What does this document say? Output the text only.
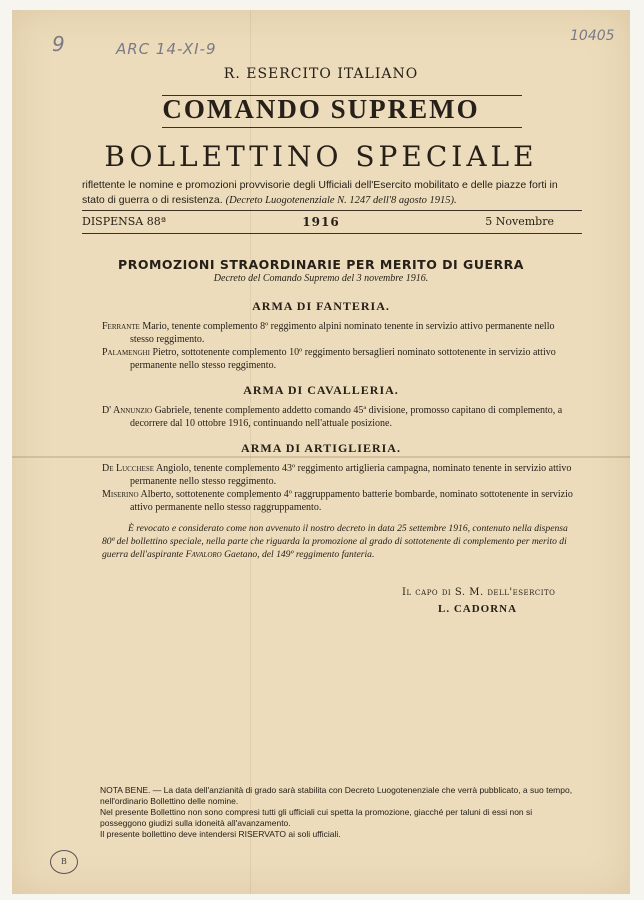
9	ARC 14-XI-9
10405
R. ESERCITO ITALIANO
COMANDO SUPREMO
BOLLETTINO SPECIALE
riflettente le nomine e promozioni provvisorie degli Ufficiali dell'Esercito mobilitato e delle piazze forti in stato di guerra o di resistenza. (Decreto Luogotenenziale N. 1247 dell'8 agosto 1915).
DISPENSA 88ª	1916	5 Novembre
PROMOZIONI STRAORDINARIE PER MERITO DI GUERRA
Decreto del Comando Supremo del 3 novembre 1916.
ARMA DI FANTERIA.
Ferrante Mario, tenente complemento 8º reggimento alpini nominato tenente in servizio attivo permanente nello
stesso reggimento.
Palamenghi Pietro, sottotenente complemento 10º reggimento bersaglieri nominato sottotenente in servizio attivo
permanente nello stesso reggimento.
ARMA DI CAVALLERIA.
D' Annunzio Gabriele, tenente complemento addetto comando 45ª divisione, promosso capitano di complemento, a
decorrere dal 10 ottobre 1916, continuando nell'attuale posizione.
ARMA DI ARTIGLIERIA.
De Lucchese Angiolo, tenente complemento 43º reggimento artiglieria campagna, nominato tenente in servizio attivo
permanente nello stesso reggimento.
Miserino Alberto, sottotenente complemento 4º raggruppamento batterie bombarde, nominato sottotenente in servizio
attivo permanente nello stesso raggruppamento.
È revocato e considerato come non avvenuto il nostro decreto in data 25 settembre 1916, contenuto nella dispensa 80ª del bollettino speciale, nella parte che riguarda la promozione al grado di sottotenente di complemento per merito di guerra dell'aspirante Favaloro Gaetano, del 149º reggimento fanteria.
Il capo di S. M. dell'esercito
L. CADORNA

NOTA BENE. — La data dell'anzianità di grado sarà stabilita con Decreto Luogotenenziale che verrà pubblicato, a suo tempo, nell'ordinario Bollettino delle nomine.

Nel presente Bollettino non sono compresi tutti gli ufficiali cui spetta la promozione, giacché per taluni di essi non si posseggono giudizi sulla idoneità all'avanzamento.

Il presente bollettino deve intendersi RISERVATO ai soli ufficiali.

B
